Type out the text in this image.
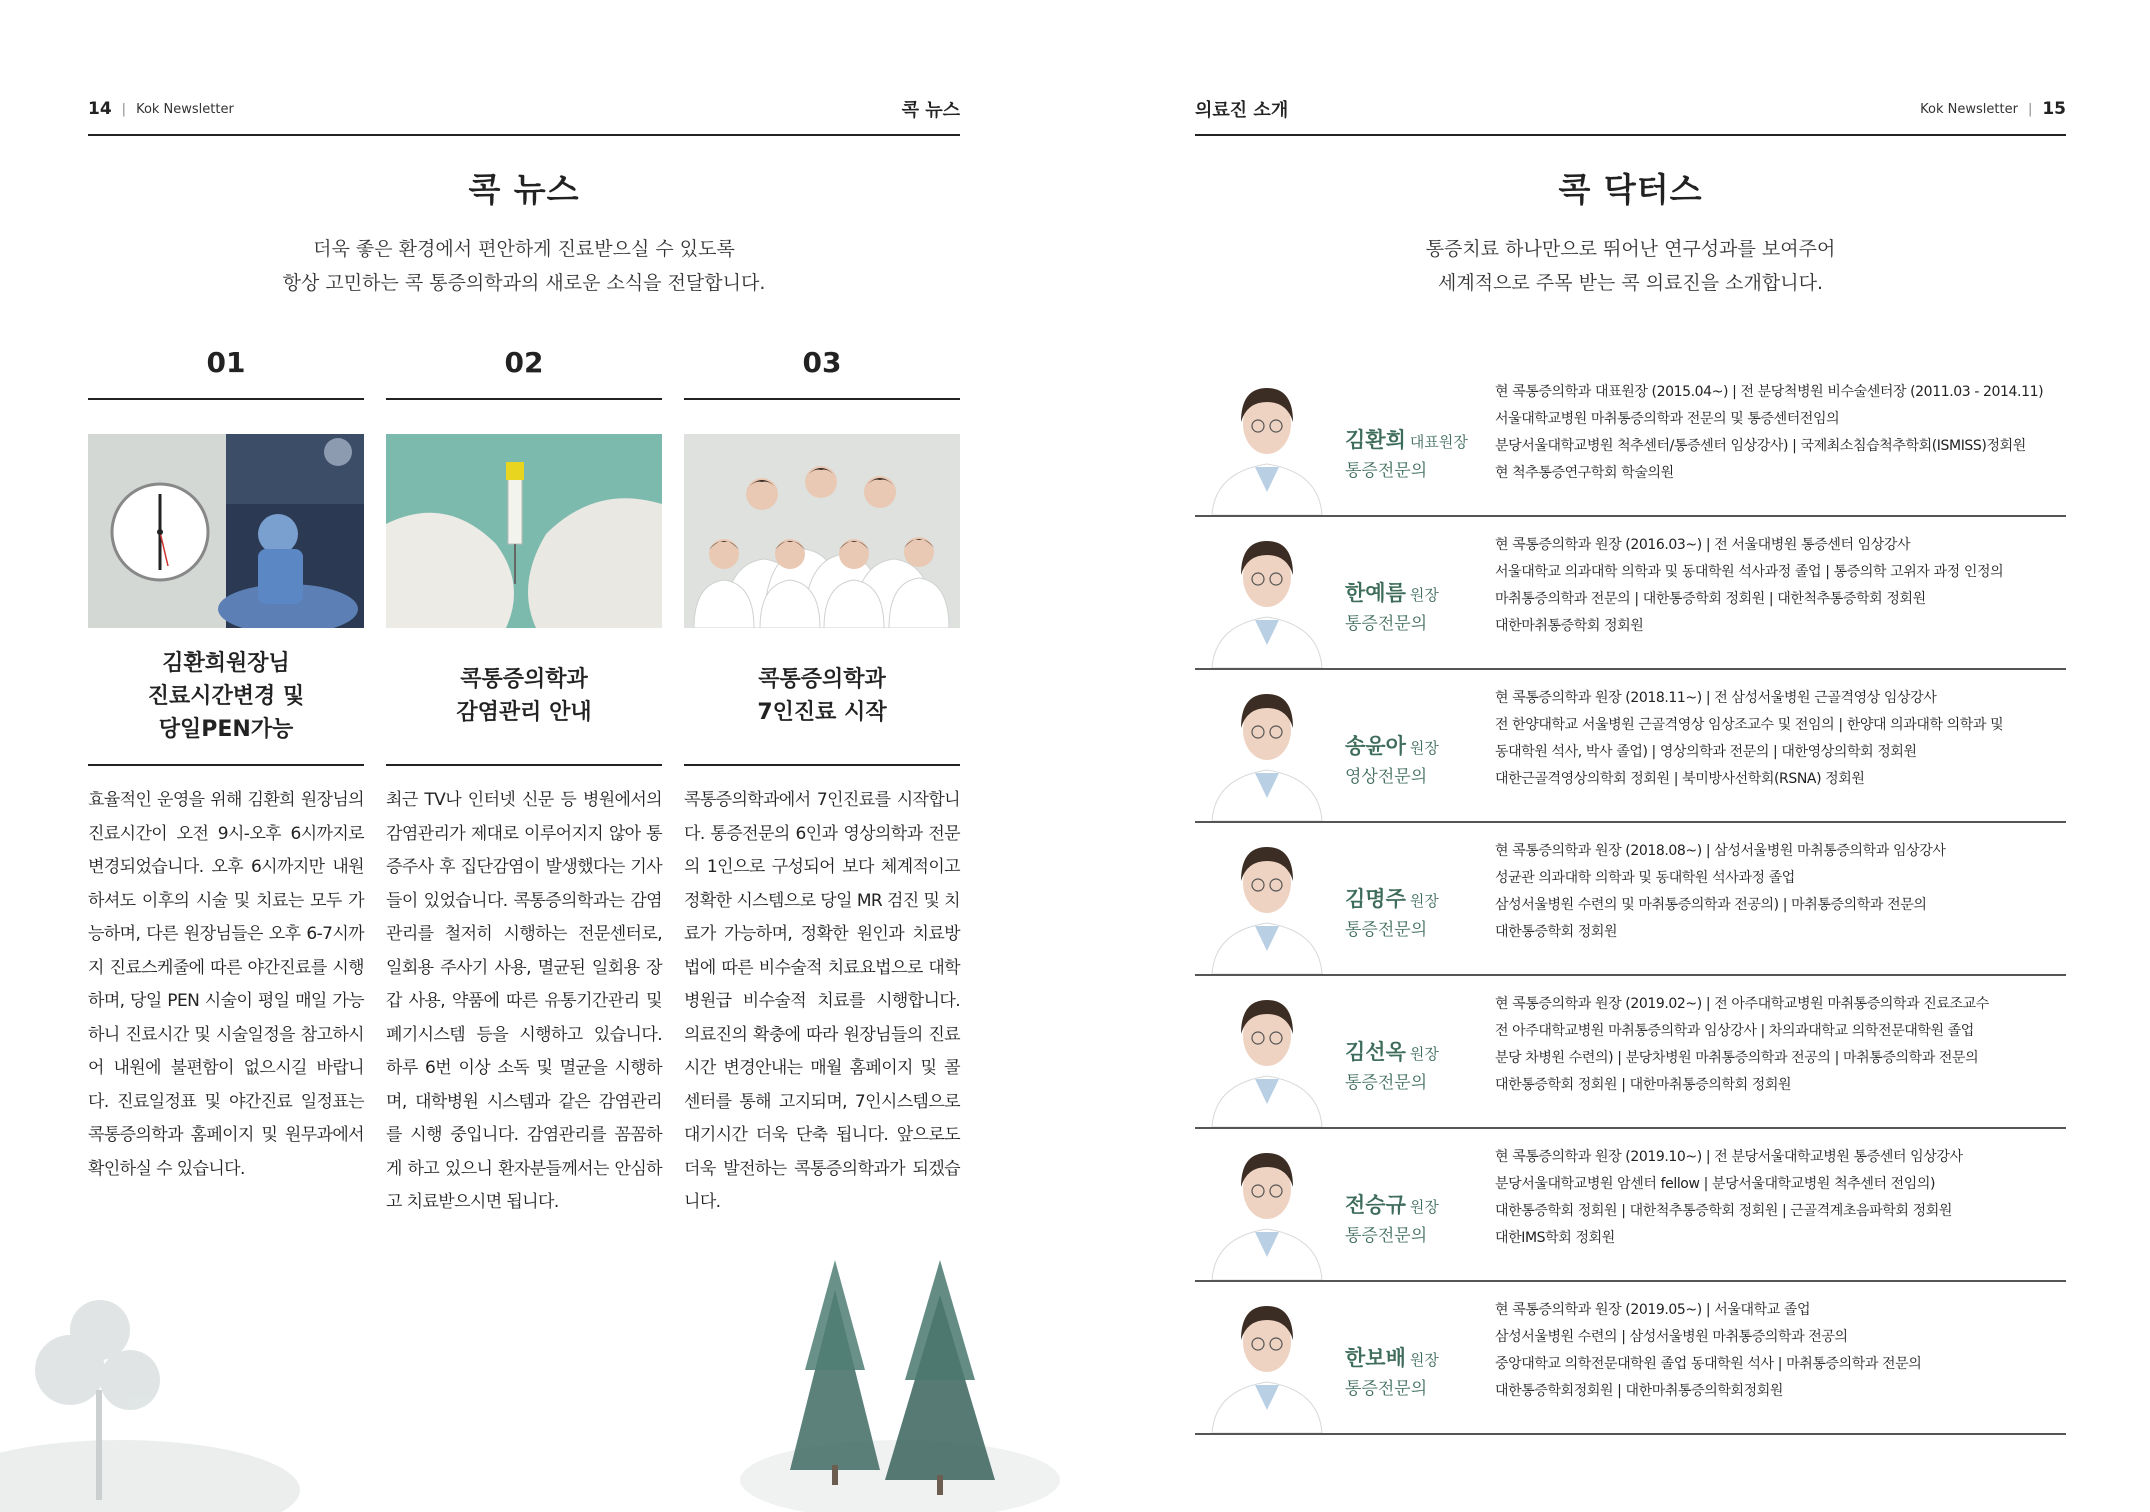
14 | Kok Newsletter	콕 뉴스
콕 뉴스
더욱 좋은 환경에서 편안하게 진료받으실 수 있도록
항상 고민하는 콕 통증의학과의 새로운 소식을 전달합니다.
01
김환희원장님
진료시간변경 및
당일PEN가능
효율적인 운영을 위해 김환희 원장님의 진료시간이 오전 9시-오후 6시까지로 변경되었습니다. 오후 6시까지만 내원하셔도 이후의 시술 및 치료는 모두 가능하며, 다른 원장님들은 오후 6-7시까지 진료스케줄에 따른 야간진료를 시행하며, 당일 PEN 시술이 평일 매일 가능하니 진료시간 및 시술일정을 참고하시어 내원에 불편함이 없으시길 바랍니다. 진료일정표 및 야간진료 일정표는 콕통증의학과 홈페이지 및 원무과에서 확인하실 수 있습니다.
02
콕통증의학과
감염관리 안내
최근 TV나 인터넷 신문 등 병원에서의 감염관리가 제대로 이루어지지 않아 통증주사 후 집단감염이 발생했다는 기사들이 있었습니다. 콕통증의학과는 감염관리를 철저히 시행하는 전문센터로, 일회용 주사기 사용, 멸균된 일회용 장갑 사용, 약품에 따른 유통기간관리 및 폐기시스템 등을 시행하고 있습니다. 하루 6번 이상 소독 및 멸균을 시행하며, 대학병원 시스템과 같은 감염관리를 시행 중입니다. 감염관리를 꼼꼼하게 하고 있으니 환자분들께서는 안심하고 치료받으시면 됩니다.
03
콕통증의학과
7인진료 시작
콕통증의학과에서 7인진료를 시작합니다. 통증전문의 6인과 영상의학과 전문의 1인으로 구성되어 보다 체계적이고 정확한 시스템으로 당일 MR 검진 및 치료가 가능하며, 정확한 원인과 치료방법에 따른 비수술적 치료요법으로 대학병원급 비수술적 치료를 시행합니다. 의료진의 확충에 따라 원장님들의 진료시간 변경안내는 매월 홈페이지 및 콜센터를 통해 고지되며, 7인시스템으로 대기시간 더욱 단축 됩니다. 앞으로도 더욱 발전하는 콕통증의학과가 되겠습니다.
의료진 소개	Kok Newsletter | 15
콕 닥터스
통증치료 하나만으로 뛰어난 연구성과를 보여주어
세계적으로 주목 받는 콕 의료진을 소개합니다.
김환희 대표원장
통증전문의
현 콕통증의학과 대표원장 (2015.04~) | 전 분당척병원 비수술센터장 (2011.03 - 2014.11)
서울대학교병원 마취통증의학과 전문의 및 통증센터전임의
분당서울대학교병원 척추센터/통증센터 임상강사) | 국제최소침습척추학회(ISMISS)정회원
현 척추통증연구학회 학술의원
한예름 원장
통증전문의
현 콕통증의학과 원장 (2016.03~) | 전 서울대병원 통증센터 임상강사
서울대학교 의과대학 의학과 및 동대학원 석사과정 졸업 | 통증의학 고위자 과정 인정의
마취통증의학과 전문의 | 대한통증학회 정회원 | 대한척추통증학회 정회원
대한마취통증학회 정회원
송윤아 원장
영상전문의
현 콕통증의학과 원장 (2018.11~) | 전 삼성서울병원 근골격영상 임상강사
전 한양대학교 서울병원 근골격영상 임상조교수 및 전임의 | 한양대 의과대학 의학과 및
동대학원 석사, 박사 졸업) | 영상의학과 전문의 | 대한영상의학회 정회원
대한근골격영상의학회 정회원 | 북미방사선학회(RSNA) 정회원
김명주 원장
통증전문의
현 콕통증의학과 원장 (2018.08~) | 삼성서울병원 마취통증의학과 임상강사
성균관 의과대학 의학과 및 동대학원 석사과정 졸업
삼성서울병원 수련의 및 마취통증의학과 전공의) | 마취통증의학과 전문의
대한통증학회 정회원
김선옥 원장
통증전문의
현 콕통증의학과 원장 (2019.02~) | 전 아주대학교병원 마취통증의학과 진료조교수
전 아주대학교병원 마취통증의학과 임상강사 | 차의과대학교 의학전문대학원 졸업
분당 차병원 수련의) | 분당차병원 마취통증의학과 전공의 | 마취통증의학과 전문의
대한통증학회 정회원 | 대한마취통증의학회 정회원
전승규 원장
통증전문의
현 콕통증의학과 원장 (2019.10~) | 전 분당서울대학교병원 통증센터 임상강사
분당서울대학교병원 암센터 fellow | 분당서울대학교병원 척추센터 전임의)
대한통증학회 정회원 | 대한척추통증학회 정회원 | 근골격계초음파학회 정회원
대한IMS학회 정회원
한보배 원장
통증전문의
현 콕통증의학과 원장 (2019.05~) | 서울대학교 졸업
삼성서울병원 수련의 | 삼성서울병원 마취통증의학과 전공의
중앙대학교 의학전문대학원 졸업 동대학원 석사 | 마취통증의학과 전문의
대한통증학회정회원 | 대한마취통증의학회정회원
